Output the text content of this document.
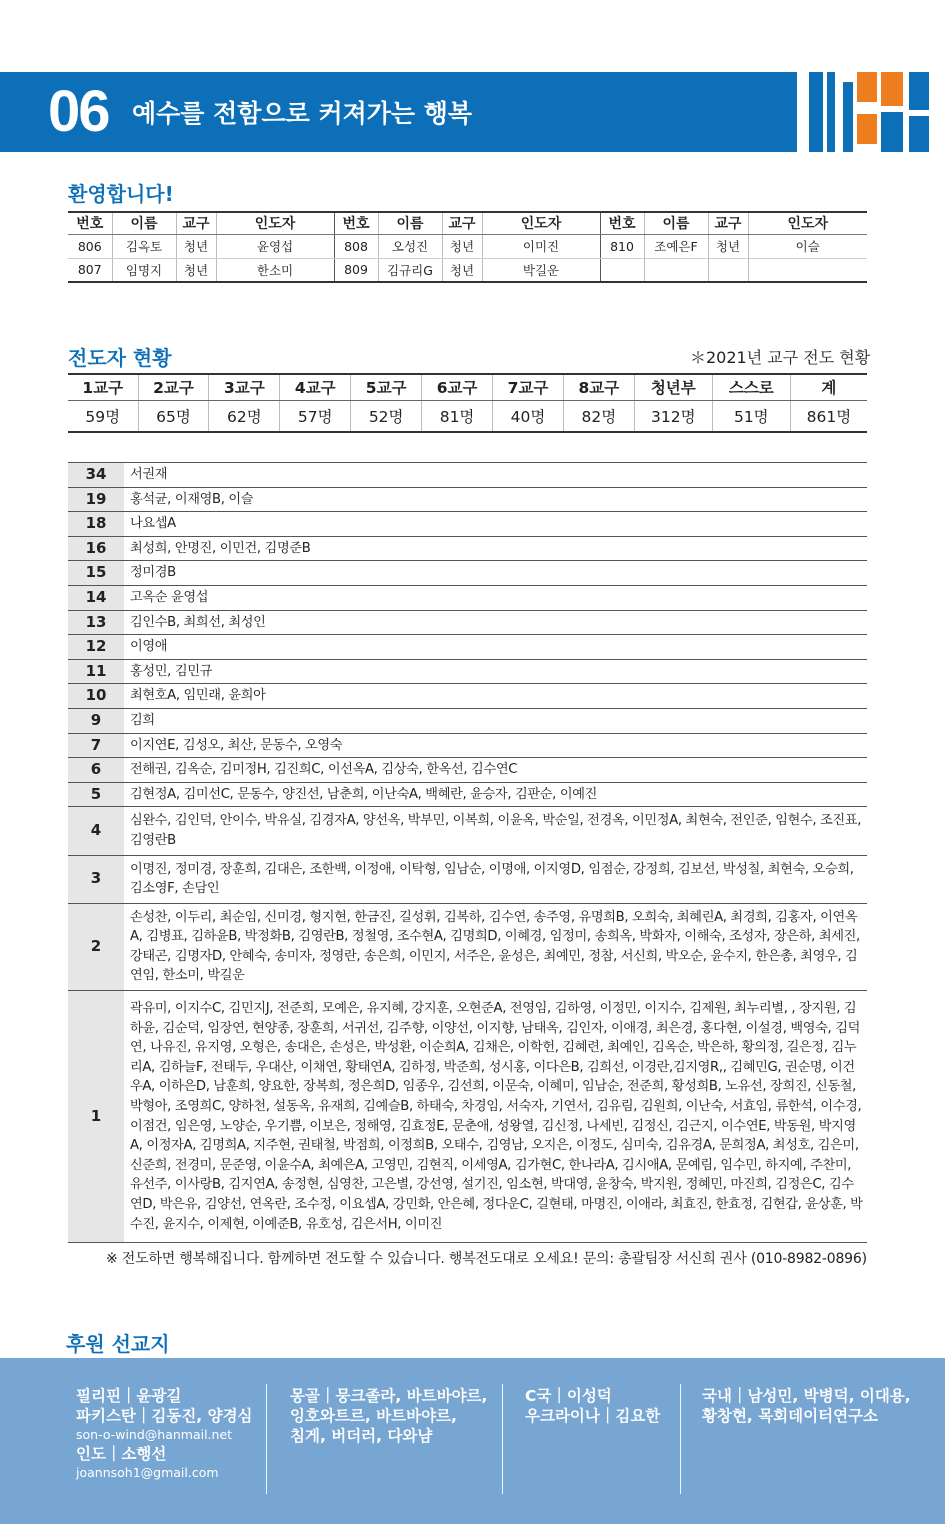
06 예수를 전함으로 커져가는 행복
환영합니다!
번호	이름	교구	인도자	번호	이름	교구	인도자	번호	이름	교구	인도자
806	김옥토	청년	윤영섭	808	오성진	청년	이미진	810	조예은F	청년	이슬
807	임명지	청년	한소미	809	김규리G	청년	박길운				
전도자 현황	＊2021년 교구 전도 현황
1교구	2교구	3교구	4교구	5교구	6교구	7교구	8교구	청년부	스스로	계
59명	65명	62명	57명	52명	81명	40명	82명	312명	51명	861명
34	서권재
19	홍석균, 이재영B, 이슬
18	나요셉A
16	최성희, 안명진, 이민건, 김명준B
15	정미경B
14	고옥순 윤영섭
13	김인수B, 최희선, 최성인
12	이영애
11	홍성민, 김민규
10	최현호A, 임민래, 윤희아
9	김희
7	이지연E, 김성오, 최산, 문동수, 오영숙
6	전해권, 김옥순, 김미정H, 김진희C, 이선옥A, 김상숙, 한옥선, 김수연C
5	김현정A, 김미선C, 문동수, 양진선, 남춘희, 이난숙A, 백혜란, 윤승자, 김판순, 이예진
4	심완수, 김인덕, 안이수, 박유실, 김경자A, 양선옥, 박부민, 이복희, 이윤옥, 박순일, 전경옥, 이민정A, 최현숙, 전인준, 임현수, 조진표, 김영란B
3	이명진, 정미경, 장훈희, 김대은, 조한백, 이정애, 이탁형, 임남순, 이명애, 이지영D, 임점순, 강정희, 김보선, 박성칠, 최현숙, 오승희, 김소영F, 손담인
2	손성찬, 이두리, 최순임, 신미경, 형지현, 한금진, 길성휘, 김복하, 김수연, 송주영, 유명희B, 오희숙, 최혜린A, 최경희, 김홍자, 이연옥A, 김병표, 김하윤B, 박정화B, 김영란B, 정철영, 조수현A, 김명희D, 이혜경, 임정미, 송희옥, 박화자, 이해숙, 조성자, 장은하, 최세진, 강태곤, 김명자D, 안혜숙, 송미자, 정영란, 송은희, 이민지, 서주은, 윤성은, 최예민, 정참, 서신희, 박오순, 윤수지, 한은총, 최영우, 김연임, 한소미, 박길운
1	곽유미, 이지수C, 김민지J, 전준희, 모예은, 유지혜, 강지훈, 오현준A, 전영임, 김하영, 이정민, 이지수, 김제원, 최누리별, , 장지원, 김하윤, 김순덕, 임장연, 현양종, 장훈희, 서귀선, 김주향, 이양선, 이지향, 남태옥, 김인자, 이애경, 최은경, 홍다현, 이설경, 백영숙, 김덕연, 나유진, 유지영, 오형은, 송대은, 손성은, 박성환, 이순희A, 김채은, 이학헌, 김혜련, 최예인, 김옥순, 박은하, 황의정, 길은정, 김누리A, 김하늘F, 전태두, 우대산, 이채연, 황태연A, 김하정, 박준희, 성시홍, 이다은B, 김희선, 이경란,김지영R,, 김혜민G, 권순명, 이건우A, 이하은D, 남훈희, 양요한, 장복희, 정은희D, 임종우, 김선희, 이문숙, 이혜미, 임남순, 전준희, 황성희B, 노유선, 장희진, 신동철, 박형아, 조영희C, 양하천, 설동옥, 유재희, 김예슬B, 하태숙, 차경임, 서숙자, 기연서, 김유림, 김원희, 이난숙, 서효임, 류한석, 이수경, 이점건, 임은영, 노양순, 우기쁨, 이보은, 정해영, 김효정E, 문춘애, 성왕열, 김신정, 나세빈, 김정신, 김근지, 이수연E, 박동원, 박지영A, 이정자A, 김명희A, 지주현, 권태철, 박점희, 이정희B, 오태수, 김영남, 오지은, 이정도, 심미숙, 김유경A, 문희정A, 최성호, 김은미, 신준희, 전경미, 문준영, 이윤수A, 최예은A, 고영민, 김현직, 이세영A, 김가현C, 한나라A, 김시애A, 문예림, 임수민, 하지예, 주찬미, 유선주, 이사랑B, 김지연A, 송정현, 심영찬, 고은별, 강선영, 설기진, 임소현, 박대영, 윤창숙, 박지원, 정혜민, 마진희, 김정은C, 김수연D, 박은유, 김양선, 연옥란, 조수정, 이요셉A, 강민화, 안은혜, 정다운C, 길현태, 마명진, 이애라, 최효진, 한효정, 김현갑, 윤상훈, 박수진, 윤지수, 이제현, 이예준B, 유호성, 김은서H, 이미진
※ 전도하면 행복해집니다. 함께하면 전도할 수 있습니다. 행복전도대로 오세요! 문의: 총괄팀장 서신희 권사 (010-8982-0896)
후원 선교지
필리핀｜윤광길
파키스탄｜김동진, 양경심
son-o-wind@hanmail.net
인도｜소행선
joannsoh1@gmail.com
몽골｜뭉크졸라, 바트바야르,
잉호와트르, 바트바야르,
침게, 버더러, 다와냠
C국｜이성덕
우크라이나｜김요한
국내｜남성민, 박병덕, 이대용,
황창현, 목회데이터연구소
